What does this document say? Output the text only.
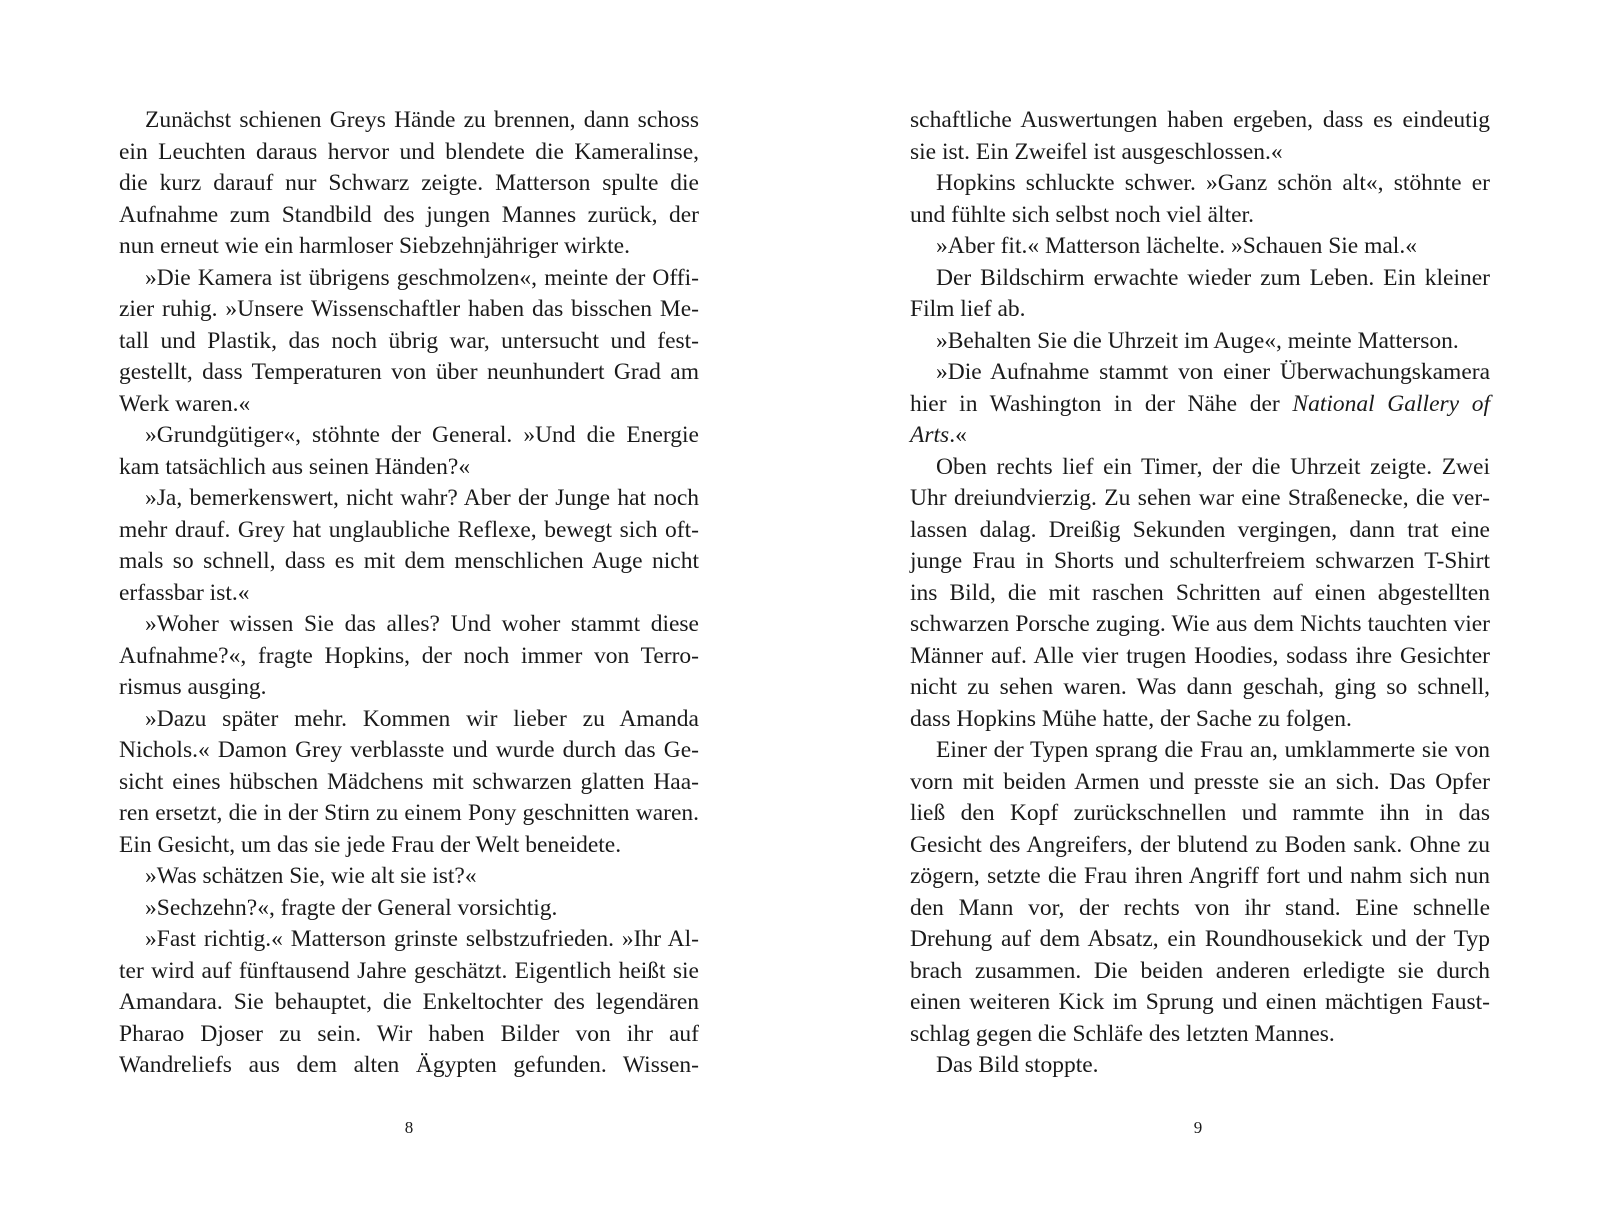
Zunächst schienen Greys Hände zu brennen, dann schoss ein Leuchten daraus hervor und blendete die Kameralinse, die kurz darauf nur Schwarz zeigte. Matterson spulte die Aufnahme zum Standbild des jungen Mannes zurück, der nun erneut wie ein harmloser Siebzehnjähriger wirkte.

»Die Kamera ist übrigens geschmolzen«, meinte der Offizier ruhig. »Unsere Wissenschaftler haben das bisschen Metall und Plastik, das noch übrig war, untersucht und festgestellt, dass Temperaturen von über neunhundert Grad am Werk waren.«

»Grundgütiger«, stöhnte der General. »Und die Energie kam tatsächlich aus seinen Händen?«

»Ja, bemerkenswert, nicht wahr? Aber der Junge hat noch mehr drauf. Grey hat unglaubliche Reflexe, bewegt sich oftmals so schnell, dass es mit dem menschlichen Auge nicht erfassbar ist.«

»Woher wissen Sie das alles? Und woher stammt diese Aufnahme?«, fragte Hopkins, der noch immer von Terrorismus ausging.

»Dazu später mehr. Kommen wir lieber zu Amanda Nichols.« Damon Grey verblasste und wurde durch das Gesicht eines hübschen Mädchens mit schwarzen glatten Haaren ersetzt, die in der Stirn zu einem Pony geschnitten waren. Ein Gesicht, um das sie jede Frau der Welt beneidete.

»Was schätzen Sie, wie alt sie ist?«

»Sechzehn?«, fragte der General vorsichtig.

»Fast richtig.« Matterson grinste selbstzufrieden. »Ihr Alter wird auf fünftausend Jahre geschätzt. Eigentlich heißt sie Amandara. Sie behauptet, die Enkeltochter des legendären Pharao Djoser zu sein. Wir haben Bilder von ihr auf Wandreliefs aus dem alten Ägypten gefunden. Wissen-

8

schaftliche Auswertungen haben ergeben, dass es eindeutig sie ist. Ein Zweifel ist ausgeschlossen.«

Hopkins schluckte schwer. »Ganz schön alt«, stöhnte er und fühlte sich selbst noch viel älter.

»Aber fit.« Matterson lächelte. »Schauen Sie mal.«

Der Bildschirm erwachte wieder zum Leben. Ein kleiner Film lief ab.

»Behalten Sie die Uhrzeit im Auge«, meinte Matterson.

»Die Aufnahme stammt von einer Überwachungskamera hier in Washington in der Nähe der National Gallery of Arts.«

Oben rechts lief ein Timer, der die Uhrzeit zeigte. Zwei Uhr dreiundvierzig. Zu sehen war eine Straßenecke, die verlassen dalag. Dreißig Sekunden vergingen, dann trat eine junge Frau in Shorts und schulterfreiem schwarzen T-Shirt ins Bild, die mit raschen Schritten auf einen abgestellten schwarzen Porsche zuging. Wie aus dem Nichts tauchten vier Männer auf. Alle vier trugen Hoodies, sodass ihre Gesichter nicht zu sehen waren. Was dann geschah, ging so schnell, dass Hopkins Mühe hatte, der Sache zu folgen.

Einer der Typen sprang die Frau an, umklammerte sie von vorn mit beiden Armen und presste sie an sich. Das Opfer ließ den Kopf zurückschnellen und rammte ihn in das Gesicht des Angreifers, der blutend zu Boden sank. Ohne zu zögern, setzte die Frau ihren Angriff fort und nahm sich nun den Mann vor, der rechts von ihr stand. Eine schnelle Drehung auf dem Absatz, ein Roundhousekick und der Typ brach zusammen. Die beiden anderen erledigte sie durch einen weiteren Kick im Sprung und einen mächtigen Faustschlag gegen die Schläfe des letzten Mannes.

Das Bild stoppte.

9
